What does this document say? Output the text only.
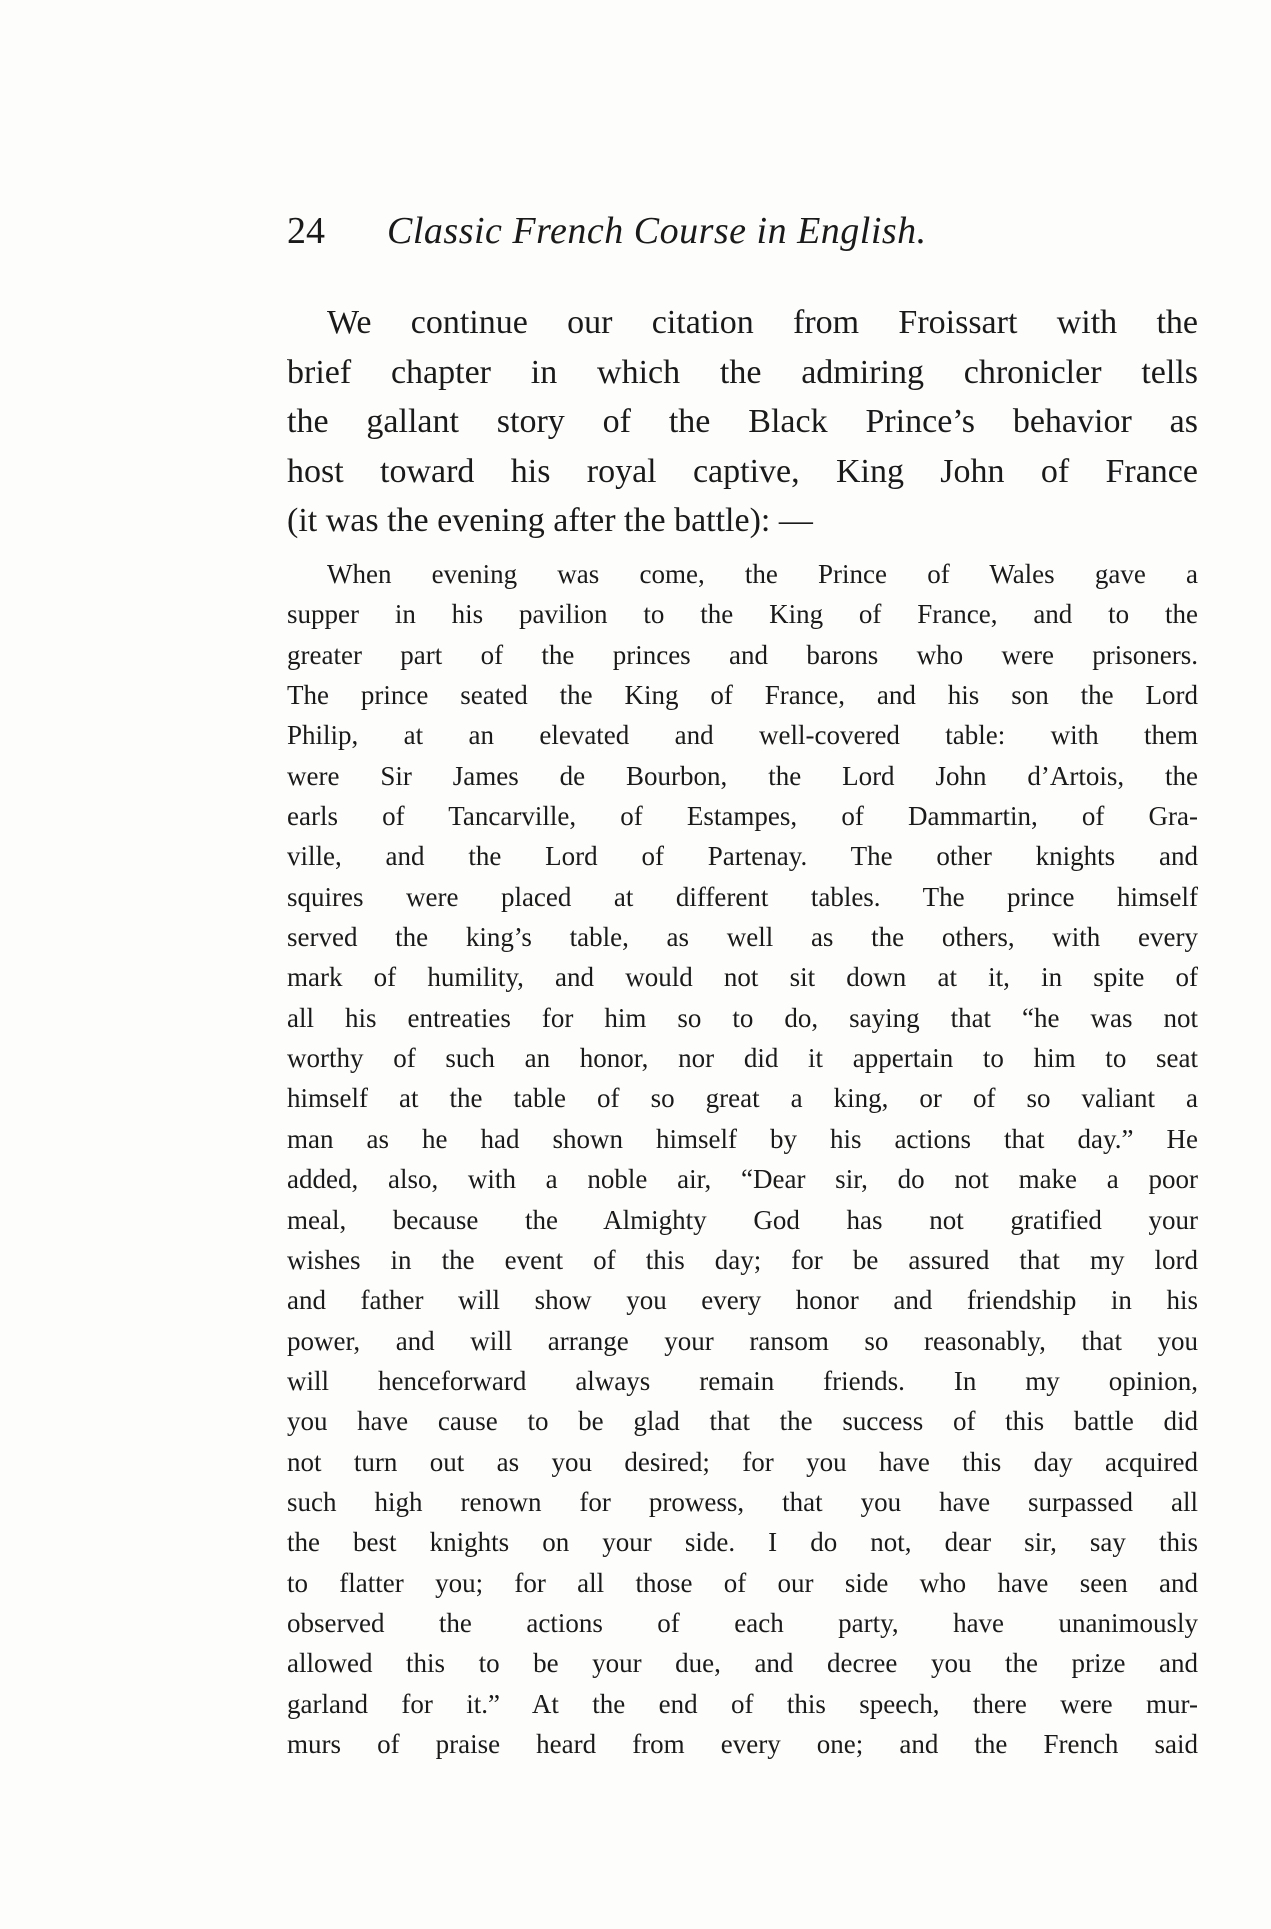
24 Classic French Course in English.
We continue our citation from Froissart with the
brief chapter in which the admiring chronicler tells
the gallant story of the Black Prince’s behavior as
host toward his royal captive, King John of France
(it was the evening after the battle): —
When evening was come, the Prince of Wales gave a
supper in his pavilion to the King of France, and to the
greater part of the princes and barons who were prisoners.
The prince seated the King of France, and his son the Lord
Philip, at an elevated and well-covered table: with them
were Sir James de Bourbon, the Lord John d’Artois, the
earls of Tancarville, of Estampes, of Dammartin, of Gra-
ville, and the Lord of Partenay. The other knights and
squires were placed at different tables. The prince himself
served the king’s table, as well as the others, with every
mark of humility, and would not sit down at it, in spite of
all his entreaties for him so to do, saying that “he was not
worthy of such an honor, nor did it appertain to him to seat
himself at the table of so great a king, or of so valiant a
man as he had shown himself by his actions that day.” He
added, also, with a noble air, “Dear sir, do not make a poor
meal, because the Almighty God has not gratified your
wishes in the event of this day; for be assured that my lord
and father will show you every honor and friendship in his
power, and will arrange your ransom so reasonably, that you
will henceforward always remain friends. In my opinion,
you have cause to be glad that the success of this battle did
not turn out as you desired; for you have this day acquired
such high renown for prowess, that you have surpassed all
the best knights on your side. I do not, dear sir, say this
to flatter you; for all those of our side who have seen and
observed the actions of each party, have unanimously
allowed this to be your due, and decree you the prize and
garland for it.” At the end of this speech, there were mur-
murs of praise heard from every one; and the French said
